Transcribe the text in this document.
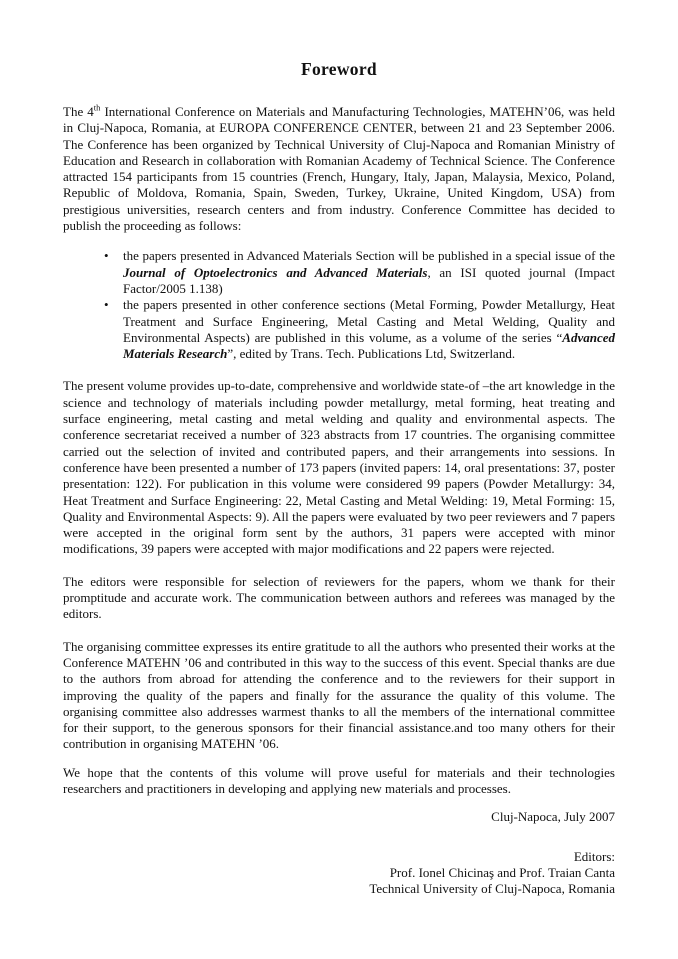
Foreword

The 4th International Conference on Materials and Manufacturing Technologies, MATEHN’06, was held in Cluj-Napoca, Romania, at EUROPA CONFERENCE CENTER, between 21 and 23 September 2006. The Conference has been organized by Technical University of Cluj-Napoca and Romanian Ministry of Education and Research in collaboration with Romanian Academy of Technical Science. The Conference attracted 154 participants from 15 countries (French, Hungary, Italy, Japan, Malaysia, Mexico, Poland, Republic of Moldova, Romania, Spain, Sweden, Turkey, Ukraine, United Kingdom, USA) from prestigious universities, research centers and from industry. Conference Committee has decided to publish the proceeding as follows:

• the papers presented in Advanced Materials Section will be published in a special issue of the Journal of Optoelectronics and Advanced Materials, an ISI quoted journal (Impact Factor/2005 1.138)
• the papers presented in other conference sections (Metal Forming, Powder Metallurgy, Heat Treatment and Surface Engineering, Metal Casting and Metal Welding, Quality and Environmental Aspects) are published in this volume, as a volume of the series “Advanced Materials Research”, edited by Trans. Tech. Publications Ltd, Switzerland.

The present volume provides up-to-date, comprehensive and worldwide state-of –the art knowledge in the science and technology of materials including powder metallurgy, metal forming, heat treating and surface engineering, metal casting and metal welding and quality and environmental aspects. The conference secretariat received a number of 323 abstracts from 17 countries. The organising committee carried out the selection of invited and contributed papers, and their arrangements into sessions. In conference have been presented a number of 173 papers (invited papers: 14, oral presentations: 37, poster presentation: 122). For publication in this volume were considered 99 papers (Powder Metallurgy: 34, Heat Treatment and Surface Engineering: 22, Metal Casting and Metal Welding: 19, Metal Forming: 15, Quality and Environmental Aspects: 9). All the papers were evaluated by two peer reviewers and 7 papers were accepted in the original form sent by the authors, 31 papers were accepted with minor modifications, 39 papers were accepted with major modifications and 22 papers were rejected.

The editors were responsible for selection of reviewers for the papers, whom we thank for their promptitude and accurate work. The communication between authors and referees was managed by the editors.

The organising committee expresses its entire gratitude to all the authors who presented their works at the Conference MATEHN ’06 and contributed in this way to the success of this event. Special thanks are due to the authors from abroad for attending the conference and to the reviewers for their support in improving the quality of the papers and finally for the assurance the quality of this volume. The organising committee also addresses warmest thanks to all the members of the international committee for their support, to the generous sponsors for their financial assistance.and too many others for their contribution in organising MATEHN ’06.

We hope that the contents of this volume will prove useful for materials and their technologies researchers and practitioners in developing and applying new materials and processes.

Cluj-Napoca, July 2007

Editors:
Prof. Ionel Chicinaş and Prof. Traian Canta
Technical University of Cluj-Napoca, Romania
